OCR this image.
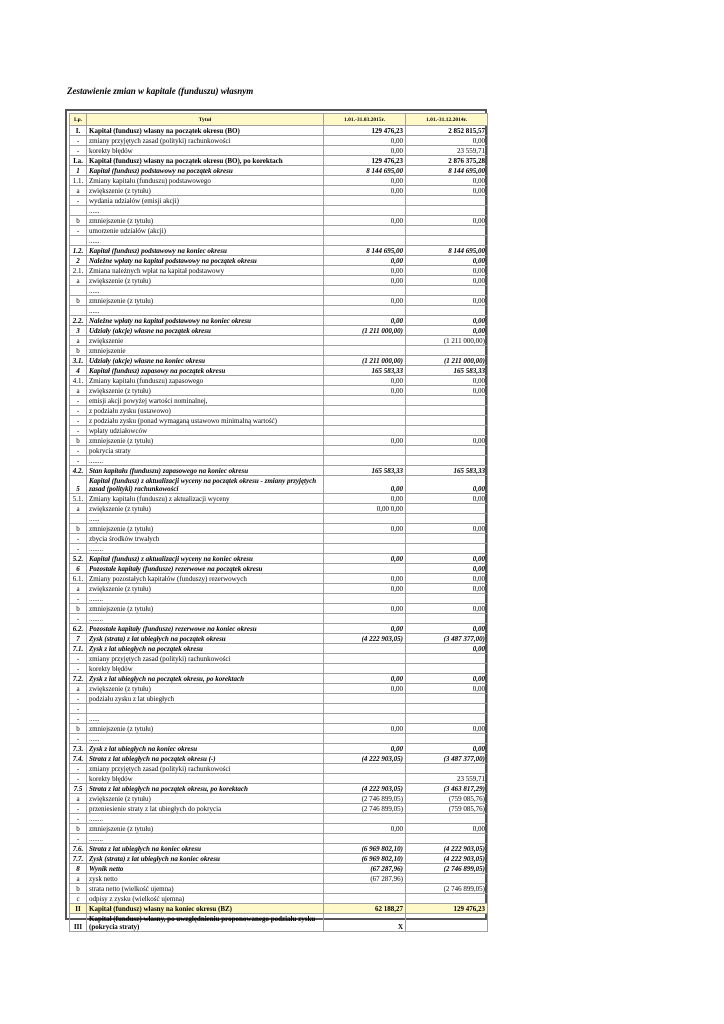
Zestawienie zmian w kapitale (funduszu) własnym
Lp.	Tytuł	1.01.-31.03.2015r.	1.01.-31.12.2014r.
I.	Kapitał (fundusz) własny na początek okresu (BO)	129 476,23	2 852 815,57
-	zmiany przyjętych zasad (polityki) rachunkowości	0,00	0,00
-	korekty błędów	0,00	23 559,71
I.a.	Kapitał (fundusz) własny na początek okresu (BO), po korektach	129 476,23	2 876 375,28
1	Kapitał (fundusz) podstawowy na początek okresu	8 144 695,00	8 144 695,00
1.1.	Zmiany kapitału (funduszu) podstawowego	0,00	0,00
a	zwiększenie (z tytułu)	0,00	0,00
-	wydania udziałów (emisji akcji)		
	......		
b	zmniejszenie (z tytułu)	0,00	0,00
-	umorzenie udziałów (akcji)		
	......		
1.2.	Kapitał (fundusz) podstawowy na koniec okresu	8 144 695,00	8 144 695,00
2	Należne wpłaty na kapitał podstawowy na początek okresu	0,00	0,00
2.1.	Zmiana należnych wpłat na kapitał podstawowy	0,00	0,00
a	zwiększenie (z tytułu)	0,00	0,00
	......		
b	zmniejszenie (z tytułu)	0,00	0,00
	......		
2.2.	Należne wpłaty na kapitał podstawowy na koniec okresu	0,00	0,00
3	Udziały (akcje) własne na początek okresu	(1 211 000,00)	0,00
a	zwiększenie		(1 211 000,00)
b	zmniejszenie		
3.1.	Udziały (akcje) własne na koniec okresu	(1 211 000,00)	(1 211 000,00)
4	Kapitał (fundusz) zapasowy na początek okresu	165 583,33	165 583,33
4.1.	Zmiany kapitału (funduszu) zapasowego	0,00	0,00
a	zwiększenie (z tytułu)	0,00	0,00
-	emisji akcji powyżej wartości nominalnej,		
-	z podziału zysku (ustawowo)		
-	z podziału zysku (ponad wymaganą ustawowo minimalną wartość)		
-	wpłaty udziałowców		
b	zmniejszenie (z tytułu)	0,00	0,00
-	pokrycia straty		
-	........		
4.2.	Stan kapitału (funduszu) zapasowego na koniec okresu	165 583,33	165 583,33
5	Kapitał (fundusz) z aktualizacji wyceny na początek okresu - zmiany przyjętych zasad (polityki) rachunkowości	0,00	0,00
5.1.	Zmiany kapitału (funduszu) z aktualizacji wyceny	0,00	0,00
a	zwiększenie (z tytułu)	0,00 0,00	
	......		
b	zmniejszenie (z tytułu)	0,00	0,00
-	zbycia środków trwałych		
-	........		
5.2.	Kapitał (fundusz) z aktualizacji wyceny na koniec okresu	0,00	0,00
6	Pozostałe kapitały (fundusze) rezerwowe na początek okresu		0,00
6.1.	Zmiany pozostałych kapitałów (funduszy) rezerwowych	0,00	0,00
a	zwiększenie (z tytułu)	0,00	0,00
-	........		
b	zmniejszenie (z tytułu)	0,00	0,00
-	........		
6.2.	Pozostałe kapitały (fundusze) rezerwowe na koniec okresu	0,00	0,00
7	Zysk (strata) z lat ubiegłych na początek okresu	(4 222 903,05)	(3 487 377,00)
7.1.	Zysk z lat ubiegłych na początek okresu		0,00
-	zmiany przyjętych zasad (polityki) rachunkowości		
-	korekty błędów		
7.2.	Zysk z lat ubiegłych na początek okresu, po korektach	0,00	0,00
a	zwiększenie (z tytułu)	0,00	0,00
-	podziału zysku z lat ubiegłych		
-			
-	......		
b	zmniejszenie (z tytułu)	0,00	0,00
-	......		
7.3.	Zysk z lat ubiegłych na koniec okresu	0,00	0,00
7.4.	Strata z lat ubiegłych na początek okresu (-)	(4 222 903,05)	(3 487 377,00)
-	zmiany przyjętych zasad (polityki) rachunkowości		
-	korekty błędów		23 559,71
7.5	Strata z lat ubiegłych na początek okresu, po korektach	(4 222 903,05)	(3 463 817,29)
a	zwiększenie (z tytułu)	(2 746 899,05)	(759 085,76)
-	przeniesienie straty z lat ubiegłych do pokrycia	(2 746 899,05)	(759 085,76)
-	........		
b	zmniejszenie (z tytułu)	0,00	0,00
-	........		
7.6.	Strata z lat ubiegłych na koniec okresu	(6 969 802,10)	(4 222 903,05)
7.7.	Zysk (strata) z lat ubiegłych na koniec okresu	(6 969 802,10)	(4 222 903,05)
8	Wynik netto	(67 287,96)	(2 746 899,05)
a	zysk netto	(67 287,96)	
b	strata netto (wielkość ujemna)		(2 746 899,05)
c	odpisy z zysku (wielkość ujemna)		
II	Kapitał (fundusz) własny na koniec okresu (BZ)	62 188,27	129 476,23
III	Kapitał (fundusz) własny, po uwzględnieniu proponowanego podziału zysku (pokrycia straty)	X	
